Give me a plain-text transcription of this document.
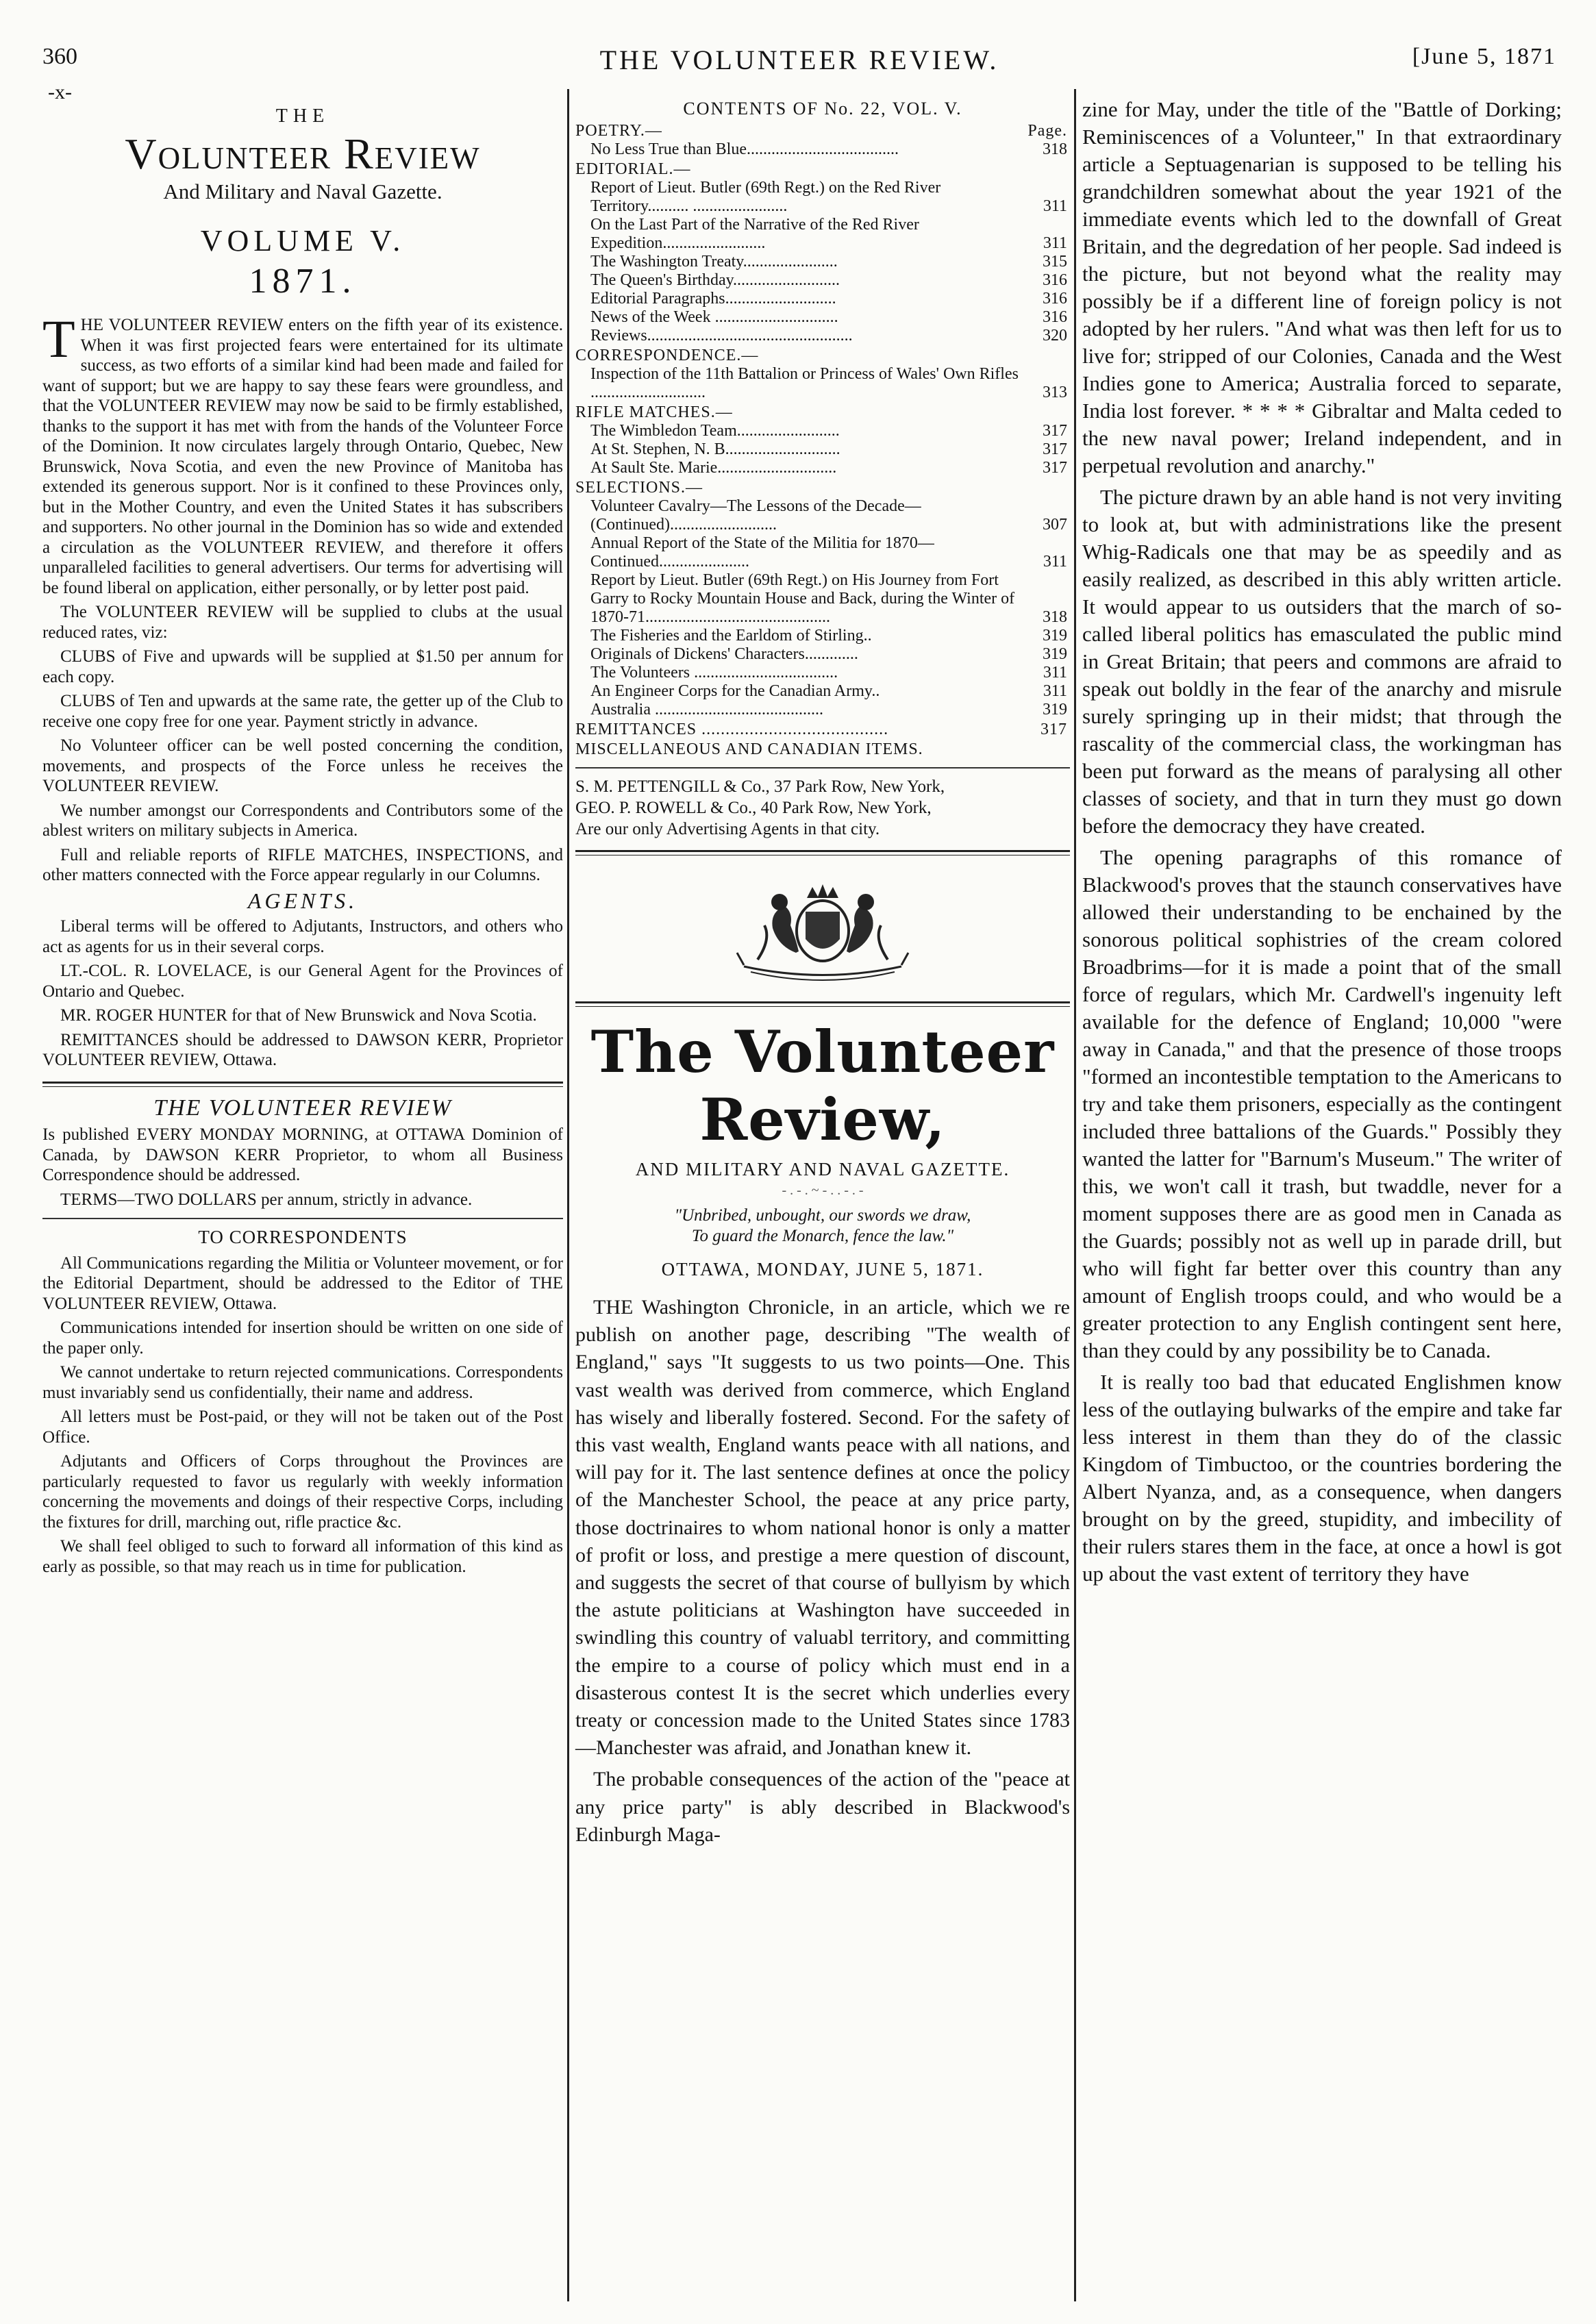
360	THE VOLUNTEER REVIEW.	[June 5, 1871
-x-
THE
Volunteer Review
And Military and Naval Gazette.
VOLUME V.
1871.

THE VOLUNTEER REVIEW enters on the fifth year of its existence. When it was first projected fears were entertained for its ultimate success, as two efforts of a similar kind had been made and failed for want of support; but we are happy to say these fears were groundless, and that the VOLUNTEER REVIEW may now be said to be firmly established, thanks to the support it has met with from the hands of the Volunteer Force of the Dominion. It now circulates largely through Ontario, Quebec, New Brunswick, Nova Scotia, and even the new Province of Manitoba has extended its generous support. Nor is it confined to these Provinces only, but in the Mother Country, and even the United States it has subscribers and supporters. No other journal in the Dominion has so wide and extended a circulation as the VOLUNTEER REVIEW, and therefore it offers unparalleled facilities to general advertisers. Our terms for advertising will be found liberal on application, either personally, or by letter post paid.

The VOLUNTEER REVIEW will be supplied to clubs at the usual reduced rates, viz:

CLUBS of Five and upwards will be supplied at $1.50 per annum for each copy.

CLUBS of Ten and upwards at the same rate, the getter up of the Club to receive one copy free for one year. Payment strictly in advance.

No Volunteer officer can be well posted concerning the condition, movements, and prospects of the Force unless he receives the VOLUNTEER REVIEW.

We number amongst our Correspondents and Contributors some of the ablest writers on military subjects in America.

Full and reliable reports of RIFLE MATCHES, INSPECTIONS, and other matters connected with the Force appear regularly in our Columns.

AGENTS.

Liberal terms will be offered to Adjutants, Instructors, and others who act as agents for us in their several corps.

LT.-COL. R. LOVELACE, is our General Agent for the Provinces of Ontario and Quebec.

MR. ROGER HUNTER for that of New Brunswick and Nova Scotia.

REMITTANCES should be addressed to DAWSON KERR, Proprietor VOLUNTEER REVIEW, Ottawa.

THE VOLUNTEER REVIEW

Is published EVERY MONDAY MORNING, at OTTAWA Dominion of Canada, by DAWSON KERR Proprietor, to whom all Business Correspondence should be addressed.

TERMS—TWO DOLLARS per annum, strictly in advance.

TO CORRESPONDENTS

All Communications regarding the Militia or Volunteer movement, or for the Editorial Department, should be addressed to the Editor of THE VOLUNTEER REVIEW, Ottawa.

Communications intended for insertion should be written on one side of the paper only.

We cannot undertake to return rejected communications. Correspondents must invariably send us confidentially, their name and address.

All letters must be Post-paid, or they will not be taken out of the Post Office.

Adjutants and Officers of Corps throughout the Provinces are particularly requested to favor us regularly with weekly information concerning the movements and doings of their respective Corps, including the fixtures for drill, marching out, rifle practice &c.

We shall feel obliged to such to forward all information of this kind as early as possible, so that may reach us in time for publication.

CONTENTS OF No. 22, VOL. V.
POETRY.—	Page.
No Less True than Blue.....................................	318
EDITORIAL.—
Report of Lieut. Butler (69th Regt.) on the Red River Territory.......... .......................	311
On the Last Part of the Narrative of the Red River Expedition.........................	311
The Washington Treaty.......................	315
The Queen's Birthday..........................	316
Editorial Paragraphs...........................	316
News of the Week ..............................	316
Reviews..................................................	320
CORRESPONDENCE.—
Inspection of the 11th Battalion or Princess of Wales' Own Rifles ............................	313
RIFLE MATCHES.—
The Wimbledon Team.........................	317
At St. Stephen, N. B............................	317
At Sault Ste. Marie.............................	317
SELECTIONS.—
Volunteer Cavalry—The Lessons of the Decade—(Continued)..........................	307
Annual Report of the State of the Militia for 1870—Continued......................	311
Report by Lieut. Butler (69th Regt.) on His Journey from Fort Garry to Rocky Mountain House and Back, during the Winter of 1870-71.............................................	318
The Fisheries and the Earldom of Stirling..	319
Originals of Dickens' Characters.............	319
The Volunteers ...................................	311
An Engineer Corps for the Canadian Army..	311
Australia .........................................	319
REMITTANCES .......................................	317
MISCELLANEOUS AND CANADIAN ITEMS.
S. M. PETTENGILL & Co., 37 Park Row, New York,
GEO. P. ROWELL & Co., 40 Park Row, New York,
Are our only Advertising Agents in that city.
The Volunteer Review,
AND MILITARY AND NAVAL GAZETTE.
- . - . ~ - . . - . -
"Unbribed, unbought, our swords we draw,
To guard the Monarch, fence the law."
OTTAWA, MONDAY, JUNE 5, 1871.

THE Washington Chronicle, in an article, which we re publish on another page, describing "The wealth of England," says "It suggests to us two points—One. This vast wealth was derived from commerce, which England has wisely and liberally fostered. Second. For the safety of this vast wealth, England wants peace with all nations, and will pay for it. The last sentence defines at once the policy of the Manchester School, the peace at any price party, those doctrinaires to whom national honor is only a matter of profit or loss, and prestige a mere question of discount, and suggests the secret of that course of bullyism by which the astute politicians at Washington have succeeded in swindling this country of valuabl territory, and committing the empire to a course of policy which must end in a disasterous contest It is the secret which underlies every treaty or concession made to the United States since 1783—Manchester was afraid, and Jonathan knew it.

The probable consequences of the action of the "peace at any price party" is ably described in Blackwood's Edinburgh Maga-

zine for May, under the title of the "Battle of Dorking; Reminiscences of a Volunteer," In that extraordinary article a Septuagenarian is supposed to be telling his grandchildren somewhat about the year 1921 of the immediate events which led to the downfall of Great Britain, and the degredation of her people. Sad indeed is the picture, but not beyond what the reality may possibly be if a different line of foreign policy is not adopted by her rulers. "And what was then left for us to live for; stripped of our Colonies, Canada and the West Indies gone to America; Australia forced to separate, India lost forever. * * * * Gibraltar and Malta ceded to the new naval power; Ireland independent, and in perpetual revolution and anarchy."

The picture drawn by an able hand is not very inviting to look at, but with administrations like the present Whig-Radicals one that may be as speedily and as easily realized, as described in this ably written article. It would appear to us outsiders that the march of so-called liberal politics has emasculated the public mind in Great Britain; that peers and commons are afraid to speak out boldly in the fear of the anarchy and misrule surely springing up in their midst; that through the rascality of the commercial class, the workingman has been put forward as the means of paralysing all other classes of society, and that in turn they must go down before the democracy they have created.

The opening paragraphs of this romance of Blackwood's proves that the staunch conservatives have allowed their understanding to be enchained by the sonorous political sophistries of the cream colored Broadbrims—for it is made a point that of the small force of regulars, which Mr. Cardwell's ingenuity left available for the defence of England; 10,000 "were away in Canada," and that the presence of those troops "formed an incontestible temptation to the Americans to try and take them prisoners, especially as the contingent included three battalions of the Guards." Possibly they wanted the latter for "Barnum's Museum." The writer of this, we won't call it trash, but twaddle, never for a moment supposes there are as good men in Canada as the Guards; possibly not as well up in parade drill, but who will fight far better over this country than any amount of English troops could, and who would be a greater protection to any English contingent sent here, than they could by any possibility be to Canada.

It is really too bad that educated Englishmen know less of the outlaying bulwarks of the empire and take far less interest in them than they do of the classic Kingdom of Timbuctoo, or the countries bordering the Albert Nyanza, and, as a consequence, when dangers brought on by the greed, stupidity, and imbecility of their rulers stares them in the face, at once a howl is got up about the vast extent of territory they have
